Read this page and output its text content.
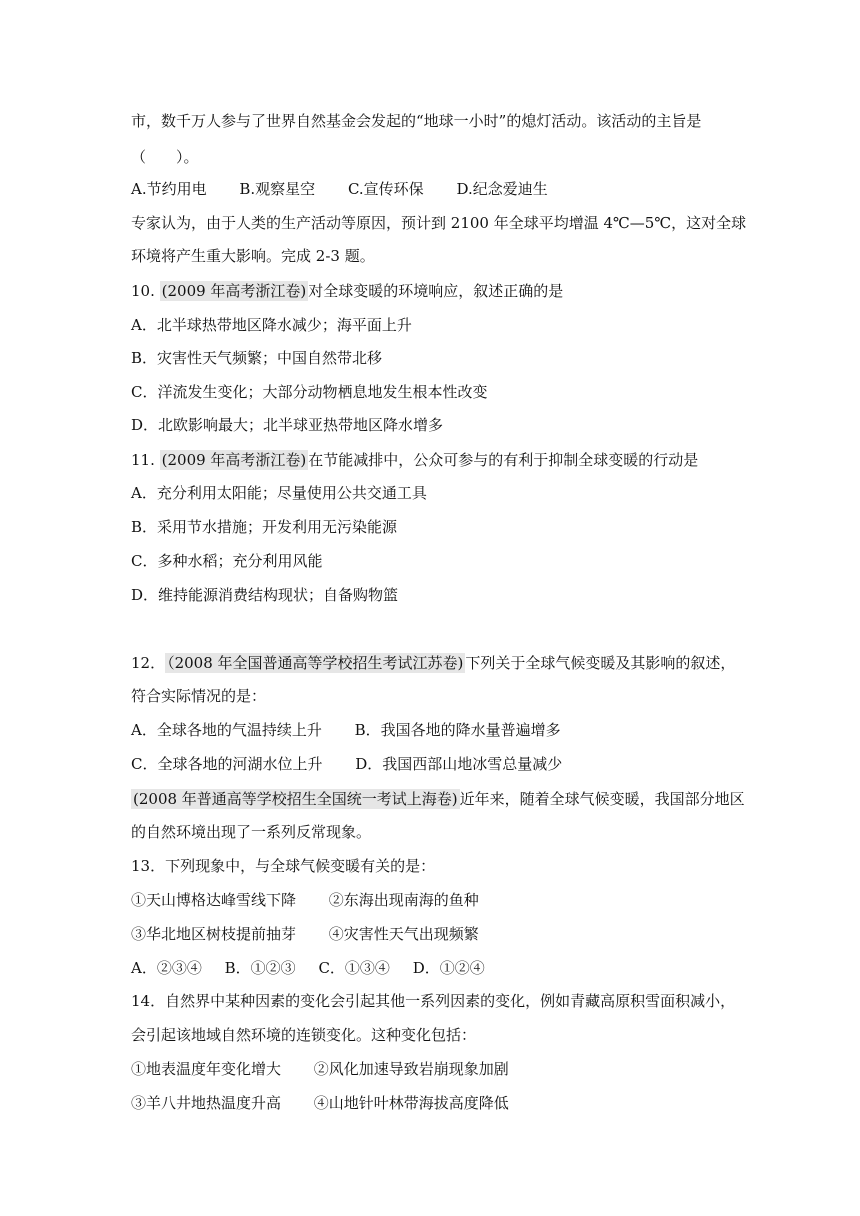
市，数千万人参与了世界自然基金会发起的“地球一小时”的熄灯活动。该活动的主旨是
（　　）。
A.节约用电 B.观察星空 C.宣传环保 D.纪念爱迪生
专家认为，由于人类的生产活动等原因，预计到 2100 年全球平均增温 4℃—5℃，这对全球
环境将产生重大影响。完成 2-3 题。
10. (2009 年高考浙江卷) 对全球变暖的环境响应，叙述正确的是
A．北半球热带地区降水减少；海平面上升
B．灾害性天气频繁；中国自然带北移
C．洋流发生变化；大部分动物栖息地发生根本性改变
D．北欧影响最大；北半球亚热带地区降水增多
11. (2009 年高考浙江卷) 在节能减排中，公众可参与的有利于抑制全球变暖的行动是
A．充分利用太阳能；尽量使用公共交通工具
B．采用节水措施；开发利用无污染能源
C．多种水稻；充分利用风能
D．维持能源消费结构现状；自备购物篮
12． （2008 年全国普通高等学校招生考试江苏卷) 下列关于全球气候变暖及其影响的叙述，
符合实际情况的是：
A．全球各地的气温持续上升 B．我国各地的降水量普遍增多
C．全球各地的河湖水位上升 D．我国西部山地冰雪总量减少
(2008 年普通高等学校招生全国统一考试上海卷) 近年来，随着全球气候变暖，我国部分地区
的自然环境出现了一系列反常现象。
13．下列现象中，与全球气候变暖有关的是：
①天山博格达峰雪线下降 ②东海出现南海的鱼种
③华北地区树枝提前抽芽 ④灾害性天气出现频繁
A．②③④ B．①②③ C．①③④ D．①②④
14．自然界中某种因素的变化会引起其他一系列因素的变化，例如青藏高原积雪面积减小，
会引起该地域自然环境的连锁变化。这种变化包括：
①地表温度年变化增大 ②风化加速导致岩崩现象加剧
③羊八井地热温度升高 ④山地针叶林带海拔高度降低
